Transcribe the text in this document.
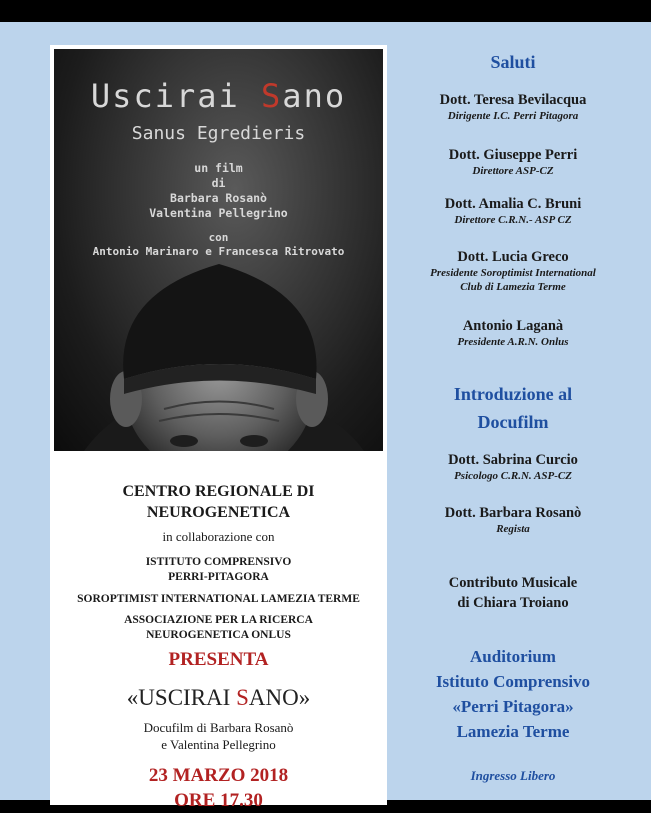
Uscirai Sano
Sanus Egredieris
un film
di
Barbara Rosanò
Valentina Pellegrino
con
Antonio Marinaro e Francesca Ritrovato
CENTRO REGIONALE DI
NEUROGENETICA
in collaborazione con
ISTITUTO COMPRENSIVO
PERRI-PITAGORA
SOROPTIMIST INTERNATIONAL LAMEZIA TERME
ASSOCIAZIONE PER LA RICERCA
NEUROGENETICA ONLUS
PRESENTA
«USCIRAI SANO»
Docufilm di Barbara Rosanò
e Valentina Pellegrino
23 MARZO 2018
ORE 17.30
Saluti
Dott. Teresa Bevilacqua
Dirigente I.C. Perri Pitagora
Dott. Giuseppe Perri
Direttore ASP-CZ
Dott. Amalia C. Bruni
Direttore C.R.N.- ASP CZ
Dott. Lucia Greco
Presidente Soroptimist International
Club di Lamezia Terme
Antonio Laganà
Presidente A.R.N. Onlus
Introduzione al
Docufilm
Dott. Sabrina Curcio
Psicologo C.R.N. ASP-CZ
Dott. Barbara Rosanò
Regista
Contributo Musicale
di Chiara Troiano
Auditorium
Istituto Comprensivo
«Perri Pitagora»
Lamezia Terme
Ingresso Libero
